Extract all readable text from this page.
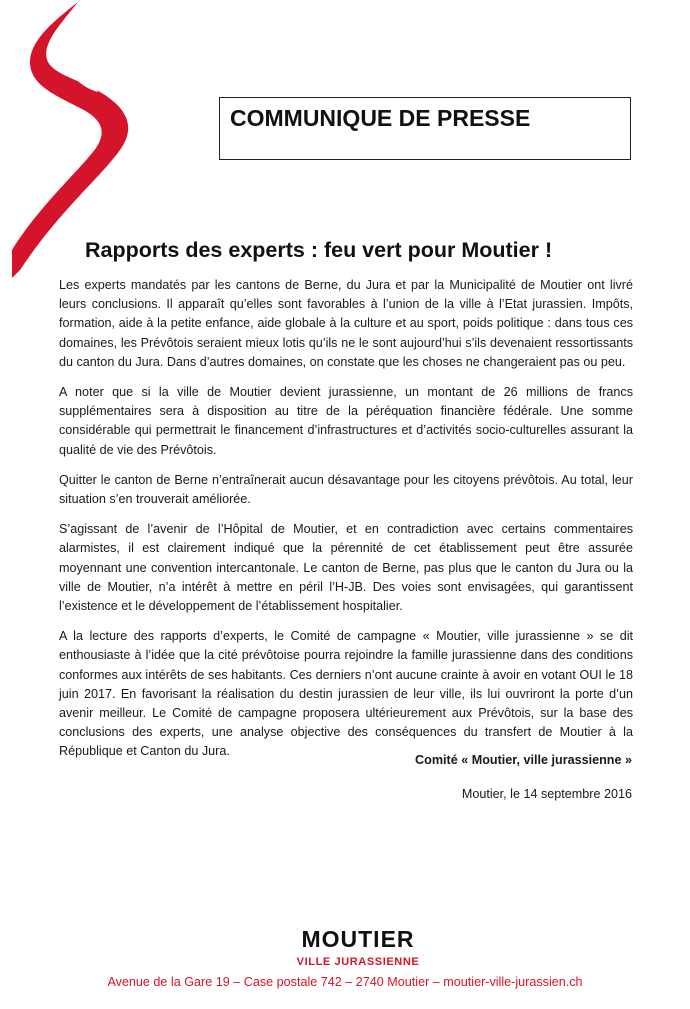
COMMUNIQUE DE PRESSE
Rapports des experts : feu vert pour Moutier !

Les experts mandatés par les cantons de Berne, du Jura et par la Municipalité de Moutier ont livré leurs conclusions. Il apparaît qu’elles sont favorables à l’union de la ville à l’Etat jurassien. Impôts, formation, aide à la petite enfance, aide globale à la culture et au sport, poids politique : dans tous ces domaines, les Prévôtois seraient mieux lotis qu’ils ne le sont aujourd’hui s’ils devenaient ressortissants du canton du Jura. Dans d’autres domaines, on constate que les choses ne changeraient pas ou peu.

A noter que si la ville de Moutier devient jurassienne, un montant de 26 millions de francs supplémentaires sera à disposition au titre de la péréquation financière fédérale. Une somme considérable qui permettrait le financement d’infrastructures et d’activités socio-culturelles assurant la qualité de vie des Prévôtois.

Quitter le canton de Berne n’entraînerait aucun désavantage pour les citoyens prévôtois. Au total, leur situation s’en trouverait améliorée.

S’agissant de l’avenir de l’Hôpital de Moutier, et en contradiction avec certains commentaires alarmistes, il est clairement indiqué que la pérennité de cet établissement peut être assurée moyennant une convention intercantonale. Le canton de Berne, pas plus que le canton du Jura ou la ville de Moutier, n’a intérêt à mettre en péril l’H-JB. Des voies sont envisagées, qui garantissent l’existence et le développement de l’établissement hospitalier.

A la lecture des rapports d’experts, le Comité de campagne « Moutier, ville jurassienne » se dit enthousiaste à l’idée que la cité prévôtoise pourra rejoindre la famille jurassienne dans des conditions conformes aux intérêts de ses habitants. Ces derniers n’ont aucune crainte à avoir en votant OUI le 18 juin 2017. En favorisant la réalisation du destin jurassien de leur ville, ils lui ouvriront la porte d’un avenir meilleur. Le Comité de campagne proposera ultérieurement aux Prévôtois, sur la base des conclusions des experts, une analyse objective des conséquences du transfert de Moutier à la République et Canton du Jura.

Comité « Moutier, ville jurassienne »
Moutier, le 14 septembre 2016
MOUTIER
VILLE JURASSIENNE
Avenue de la Gare 19 – Case postale 742 – 2740 Moutier – moutier-ville-jurassien.ch
